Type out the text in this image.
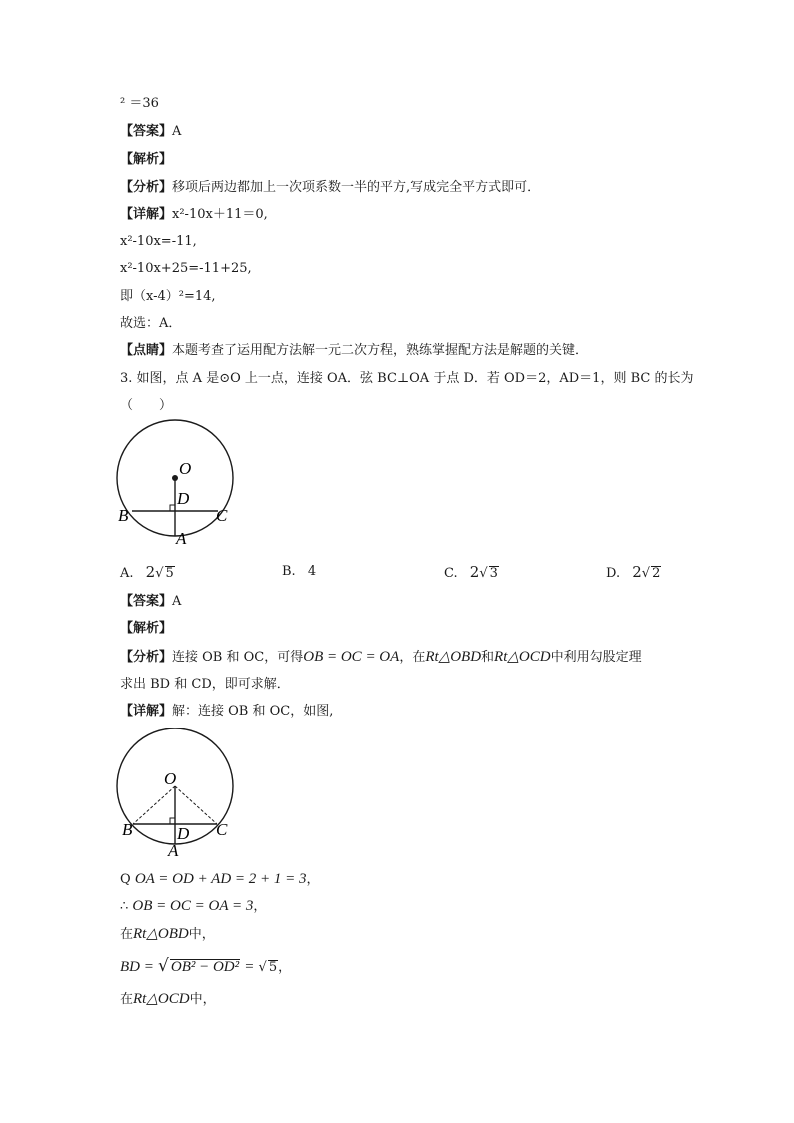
² ＝36
【答案】A
【解析】
【分析】移项后两边都加上一次项系数一半的平方,写成完全平方式即可．
【详解】x²-10x＋11＝0,
x²-10x=-11,
x²-10x+25=-11+25,
即（x-4）²=14,
故选：A．
【点睛】本题考查了运用配方法解一元二次方程，熟练掌握配方法是解题的关键．
3. 如图，点 A 是⊙O 上一点，连接 OA．弦 BC⊥OA 于点 D．若 OD＝2，AD＝1，则 BC 的长为
（　　）
O
D
B	C
A
A. 2√ 5	B. 4	C. 2√ 3	D. 2√ 2
【答案】A
【解析】
【分析】连接 OB 和 OC，可得OB = OC = OA，在Rt△OBD和Rt△OCD中利用勾股定理
求出 BD 和 CD，即可求解．
【详解】解：连接 OB 和 OC，如图,
O
D
B	C
A
Q OA = OD + AD = 2 + 1 = 3，
∴ OB = OC = OA = 3，
在Rt△OBD中，
BD = √ OB² − OD² = √ 5，
在Rt△OCD中，
